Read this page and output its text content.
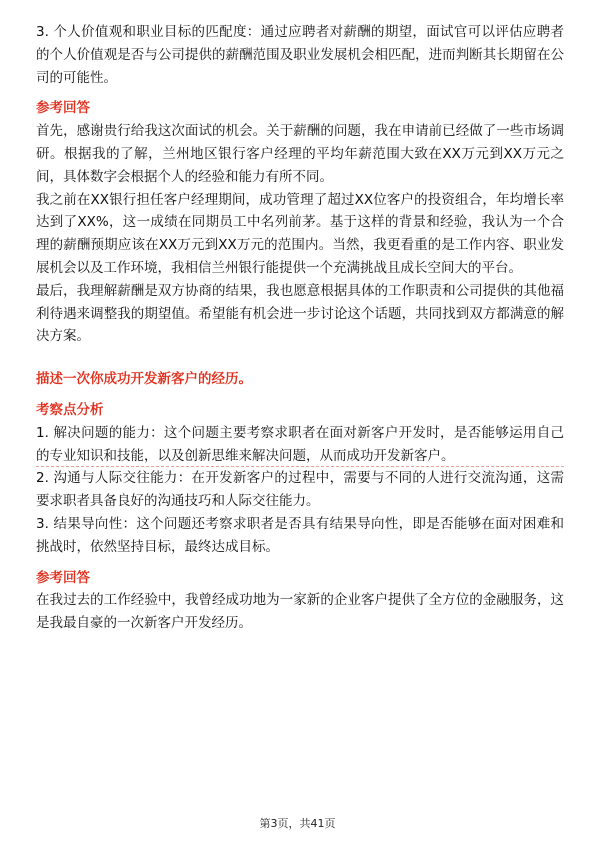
3. 个人价值观和职业目标的匹配度：通过应聘者对薪酬的期望，面试官可以评估应聘者的个人价值观是否与公司提供的薪酬范围及职业发展机会相匹配，进而判断其长期留在公司的可能性。

参考回答

首先，感谢贵行给我这次面试的机会。关于薪酬的问题，我在申请前已经做了一些市场调研。根据我的了解，兰州地区银行客户经理的平均年薪范围大致在XX万元到XX万元之间，具体数字会根据个人的经验和能力有所不同。

我之前在XX银行担任客户经理期间，成功管理了超过XX位客户的投资组合，年均增长率达到了XX%，这一成绩在同期员工中名列前茅。基于这样的背景和经验，我认为一个合理的薪酬预期应该在XX万元到XX万元的范围内。当然，我更看重的是工作内容、职业发展机会以及工作环境，我相信兰州银行能提供一个充满挑战且成长空间大的平台。

最后，我理解薪酬是双方协商的结果，我也愿意根据具体的工作职责和公司提供的其他福利待遇来调整我的期望值。希望能有机会进一步讨论这个话题，共同找到双方都满意的解决方案。

描述一次你成功开发新客户的经历。

考察点分析

1. 解决问题的能力：这个问题主要考察求职者在面对新客户开发时，是否能够运用自己的专业知识和技能，以及创新思维来解决问题，从而成功开发新客户。

2. 沟通与人际交往能力：在开发新客户的过程中，需要与不同的人进行交流沟通，这需要求职者具备良好的沟通技巧和人际交往能力。

3. 结果导向性：这个问题还考察求职者是否具有结果导向性，即是否能够在面对困难和挑战时，依然坚持目标，最终达成目标。

参考回答

在我过去的工作经验中，我曾经成功地为一家新的企业客户提供了全方位的金融服务，这是我最自豪的一次新客户开发经历。

第3页，共41页
